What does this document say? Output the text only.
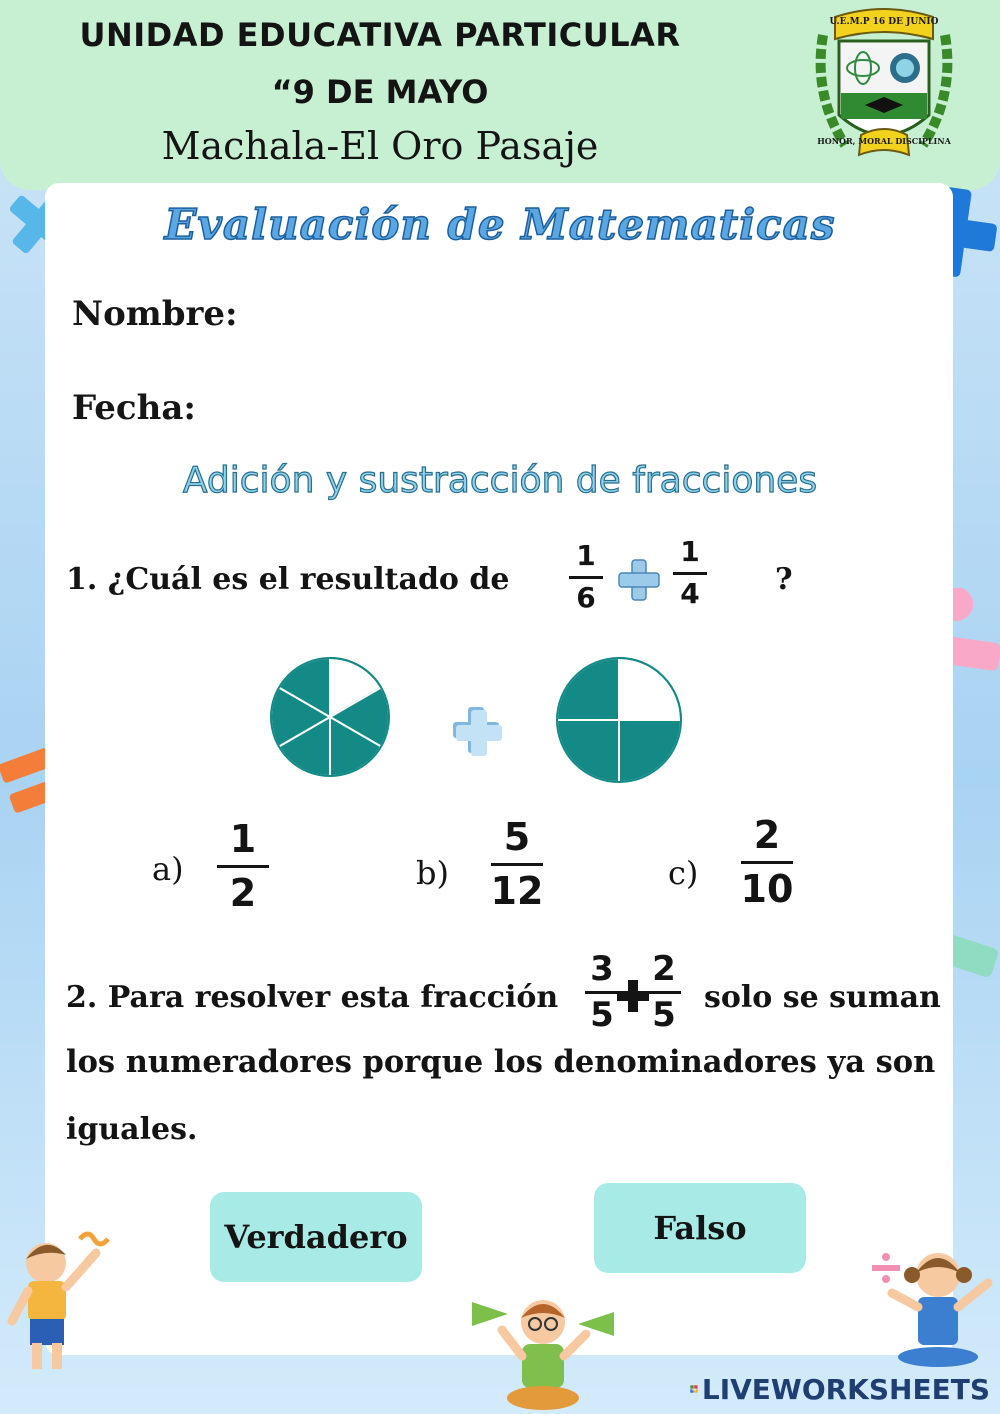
UNIDAD EDUCATIVA PARTICULAR
“9 DE MAYO
Machala-El Oro Pasaje
U.E.M.P 16 DE JUNIO
HONOR, MORAL DISCIPLINA
Evaluación de Matematicas
Nombre:
Fecha:
Adición y sustracción de fracciones
1. ¿Cuál es el resultado de
1
6
1
4	?
a)
1
2	b)
5
12	c)
2
10
2. Para resolver esta fracción
3
5
2
5 solo se suman
los numeradores porque los denominadores ya son
iguales.
Verdadero	Falso
LW LIVEWORKSHEETS
